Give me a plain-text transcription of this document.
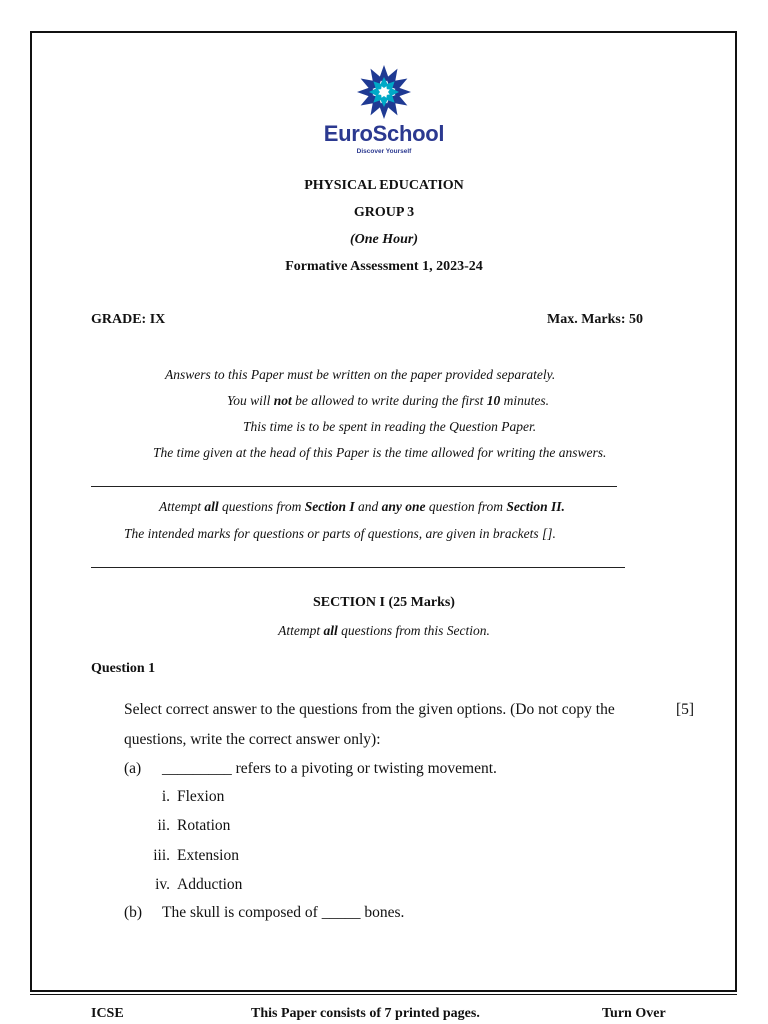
EuroSchool
Discover Yourself
PHYSICAL EDUCATION
GROUP 3
(One Hour)
Formative Assessment 1, 2023-24
GRADE: IX	Max. Marks: 50
Answers to this Paper must be written on the paper provided separately.
You will not be allowed to write during the first 10 minutes.
This time is to be spent in reading the Question Paper.
The time given at the head of this Paper is the time allowed for writing the answers.
Attempt all questions from Section I and any one question from Section II.
The intended marks for questions or parts of questions, are given in brackets [].
SECTION I (25 Marks)
Attempt all questions from this Section.
Question 1
Select correct answer to the questions from the given options. (Do not copy the	[5]
questions, write the correct answer only):
(a) _________ refers to a pivoting or twisting movement.
i. Flexion
ii. Rotation
iii. Extension
iv. Adduction
(b) The skull is composed of _____ bones.
ICSE	This Paper consists of 7 printed pages.	Turn Over
